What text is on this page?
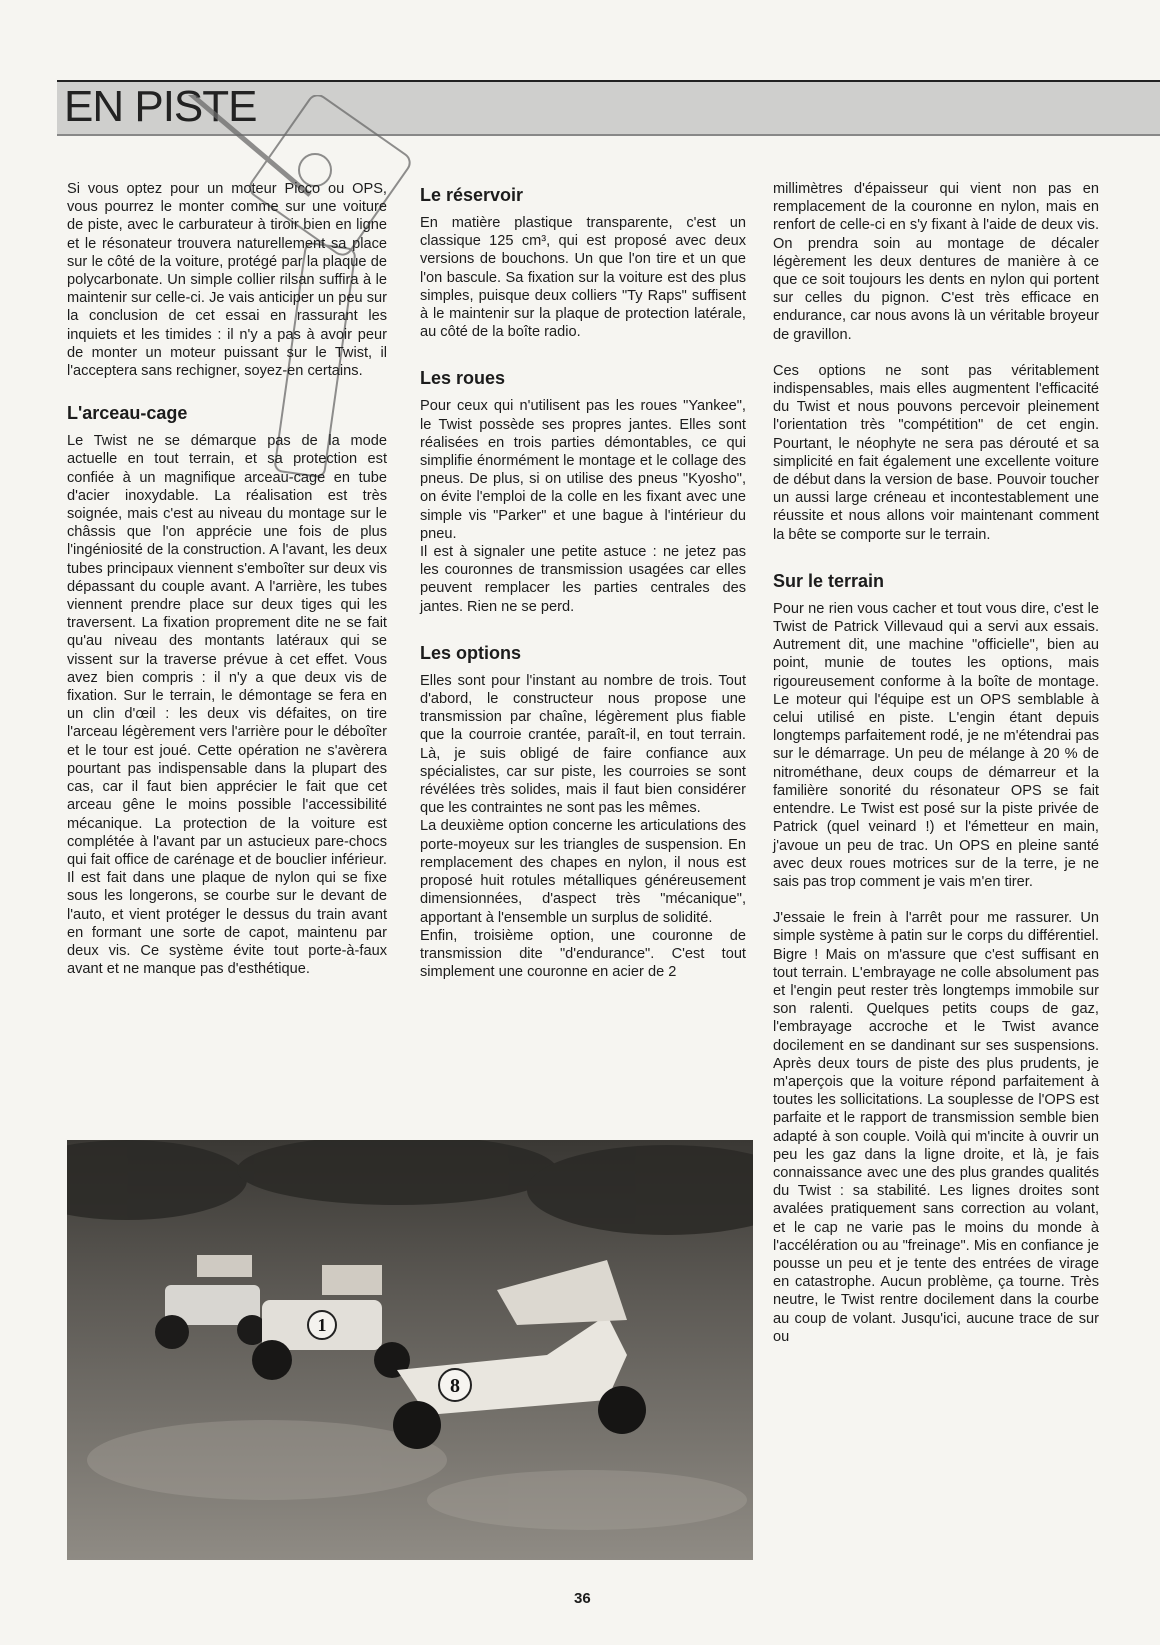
EN PISTE

Si vous optez pour un moteur Picco ou OPS, vous pourrez le monter comme sur une voiture de piste, avec le carburateur à tiroir bien en ligne et le résonateur trouvera naturellement sa place sur le côté de la voiture, protégé par la plaque de polycarbonate. Un simple collier rilsan suffira à le maintenir sur celle-ci. Je vais anticiper un peu sur la conclusion de cet essai en rassurant les inquiets et les timides : il n'y a pas à avoir peur de monter un moteur puissant sur le Twist, il l'acceptera sans rechigner, soyez-en certains.

L'arceau-cage

Le Twist ne se démarque pas de la mode actuelle en tout terrain, et sa protection est confiée à un magnifique arceau-cage en tube d'acier inoxydable. La réalisation est très soignée, mais c'est au niveau du montage sur le châssis que l'on apprécie une fois de plus l'ingéniosité de la construction. A l'avant, les deux tubes principaux viennent s'emboîter sur deux vis dépassant du couple avant. A l'arrière, les tubes viennent prendre place sur deux tiges qui les traversent. La fixation proprement dite ne se fait qu'au niveau des montants latéraux qui se vissent sur la traverse prévue à cet effet. Vous avez bien compris : il n'y a que deux vis de fixation. Sur le terrain, le démontage se fera en un clin d'œil : les deux vis défaites, on tire l'arceau légèrement vers l'arrière pour le déboîter et le tour est joué. Cette opération ne s'avèrera pourtant pas indispensable dans la plupart des cas, car il faut bien apprécier le fait que cet arceau gêne le moins possible l'accessibilité mécanique. La protection de la voiture est complétée à l'avant par un astucieux pare-chocs qui fait office de carénage et de bouclier inférieur. Il est fait dans une plaque de nylon qui se fixe sous les longerons, se courbe sur le devant de l'auto, et vient protéger le dessus du train avant en formant une sorte de capot, maintenu par deux vis. Ce système évite tout porte-à-faux avant et ne manque pas d'esthétique.

Le réservoir

En matière plastique transparente, c'est un classique 125 cm³, qui est proposé avec deux versions de bouchons. Un que l'on tire et un que l'on bascule. Sa fixation sur la voiture est des plus simples, puisque deux colliers "Ty Raps" suffisent à le maintenir sur la plaque de protection latérale, au côté de la boîte radio.

Les roues

Pour ceux qui n'utilisent pas les roues "Yankee", le Twist possède ses propres jantes. Elles sont réalisées en trois parties démontables, ce qui simplifie énormément le montage et le collage des pneus. De plus, si on utilise des pneus "Kyosho", on évite l'emploi de la colle en les fixant avec une simple vis "Parker" et une bague à l'intérieur du pneu.

Il est à signaler une petite astuce : ne jetez pas les couronnes de transmission usagées car elles peuvent remplacer les parties centrales des jantes. Rien ne se perd.

Les options

Elles sont pour l'instant au nombre de trois. Tout d'abord, le constructeur nous propose une transmission par chaîne, légèrement plus fiable que la courroie crantée, paraît-il, en tout terrain. Là, je suis obligé de faire confiance aux spécialistes, car sur piste, les courroies se sont révélées très solides, mais il faut bien considérer que les contraintes ne sont pas les mêmes.

La deuxième option concerne les articulations des porte-moyeux sur les triangles de suspension. En remplacement des chapes en nylon, il nous est proposé huit rotules métalliques généreusement dimensionnées, d'aspect très "mécanique", apportant à l'ensemble un surplus de solidité.

Enfin, troisième option, une couronne de transmission dite "d'endurance". C'est tout simplement une couronne en acier de 2

millimètres d'épaisseur qui vient non pas en remplacement de la couronne en nylon, mais en renfort de celle-ci en s'y fixant à l'aide de deux vis. On prendra soin au montage de décaler légèrement les deux dentures de manière à ce que ce soit toujours les dents en nylon qui portent sur celles du pignon. C'est très efficace en endurance, car nous avons là un véritable broyeur de gravillon.

Ces options ne sont pas véritablement indispensables, mais elles augmentent l'efficacité du Twist et nous pouvons percevoir pleinement l'orientation très "compétition" de cet engin. Pourtant, le néophyte ne sera pas dérouté et sa simplicité en fait également une excellente voiture de début dans la version de base. Pouvoir toucher un aussi large créneau et incontestablement une réussite et nous allons voir maintenant comment la bête se comporte sur le terrain.

Sur le terrain

Pour ne rien vous cacher et tout vous dire, c'est le Twist de Patrick Villevaud qui a servi aux essais. Autrement dit, une machine "officielle", bien au point, munie de toutes les options, mais rigoureusement conforme à la boîte de montage. Le moteur qui l'équipe est un OPS semblable à celui utilisé en piste. L'engin étant depuis longtemps parfaitement rodé, je ne m'étendrai pas sur le démarrage. Un peu de mélange à 20 % de nitrométhane, deux coups de démarreur et la familière sonorité du résonateur OPS se fait entendre. Le Twist est posé sur la piste privée de Patrick (quel veinard !) et l'émetteur en main, j'avoue un peu de trac. Un OPS en pleine santé avec deux roues motrices sur de la terre, je ne sais pas trop comment je vais m'en tirer.

J'essaie le frein à l'arrêt pour me rassurer. Un simple système à patin sur le corps du différentiel. Bigre ! Mais on m'assure que c'est suffisant en tout terrain. L'embrayage ne colle absolument pas et l'engin peut rester très longtemps immobile sur son ralenti. Quelques petits coups de gaz, l'embrayage accroche et le Twist avance docilement en se dandinant sur ses suspensions. Après deux tours de piste des plus prudents, je m'aperçois que la voiture répond parfaitement à toutes les sollicitations. La souplesse de l'OPS est parfaite et le rapport de transmission semble bien adapté à son couple. Voilà qui m'incite à ouvrir un peu les gaz dans la ligne droite, et là, je fais connaissance avec une des plus grandes qualités du Twist : sa stabilité. Les lignes droites sont avalées pratiquement sans correction au volant, et le cap ne varie pas le moins du monde à l'accélération ou au "freinage". Mis en confiance je pousse un peu et je tente des entrées de virage en catastrophe. Aucun problème, ça tourne. Très neutre, le Twist rentre docilement dans la courbe au coup de volant. Jusqu'ici, aucune trace de sur ou

1
8
36
